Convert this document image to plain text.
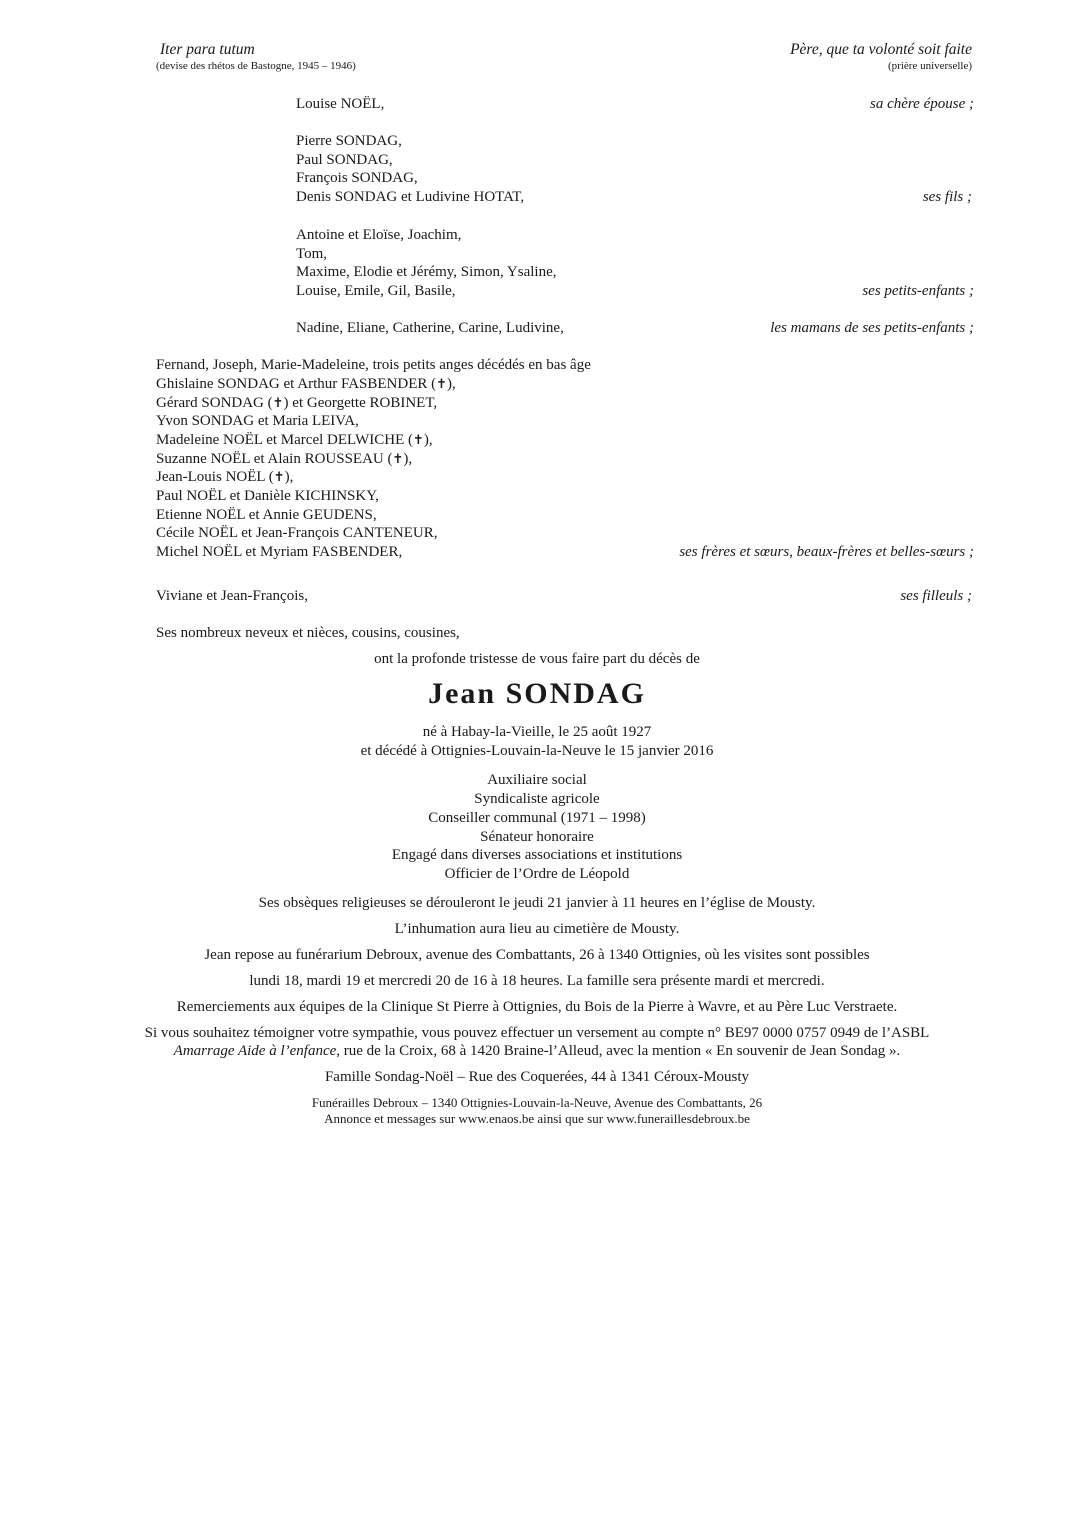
Iter para tutum
(devise des rhétos de Bastogne, 1945 – 1946)
Père, que ta volonté soit faite
(prière universelle)
Louise NOËL,	sa chère épouse ;
Pierre SONDAG,
Paul SONDAG,
François SONDAG,
Denis SONDAG et Ludivine HOTAT,	ses fils ;
Antoine et Eloïse, Joachim,
Tom,
Maxime, Elodie et Jérémy, Simon, Ysaline,
Louise, Emile, Gil, Basile,	ses petits-enfants ;
Nadine, Eliane, Catherine, Carine, Ludivine,	les mamans de ses petits-enfants ;
Fernand, Joseph, Marie-Madeleine, trois petits anges décédés en bas âge
Ghislaine SONDAG et Arthur FASBENDER (✝),
Gérard SONDAG (✝) et Georgette ROBINET,
Yvon SONDAG et Maria LEIVA,
Madeleine NOËL et Marcel DELWICHE (✝),
Suzanne NOËL et Alain ROUSSEAU (✝),
Jean-Louis NOËL (✝),
Paul NOËL et Danièle KICHINSKY,
Etienne NOËL et Annie GEUDENS,
Cécile NOËL et Jean-François CANTENEUR,
Michel NOËL et Myriam FASBENDER,	ses frères et sœurs, beaux-frères et belles-sœurs ;
Viviane et Jean-François,	ses filleuls ;
Ses nombreux neveux et nièces, cousins, cousines,
ont la profonde tristesse de vous faire part du décès de
Jean SONDAG
né à Habay-la-Vieille, le 25 août 1927
et décédé à Ottignies-Louvain-la-Neuve le 15 janvier 2016
Auxiliaire social
Syndicaliste agricole
Conseiller communal (1971 – 1998)
Sénateur honoraire
Engagé dans diverses associations et institutions
Officier de l’Ordre de Léopold
Ses obsèques religieuses se dérouleront le jeudi 21 janvier à 11 heures en l’église de Mousty.
L’inhumation aura lieu au cimetière de Mousty.
Jean repose au funérarium Debroux, avenue des Combattants, 26 à 1340 Ottignies, où les visites sont possibles
lundi 18, mardi 19 et mercredi 20 de 16 à 18 heures. La famille sera présente mardi et mercredi.
Remerciements aux équipes de la Clinique St Pierre à Ottignies, du Bois de la Pierre à Wavre, et au Père Luc Verstraete.
Si vous souhaitez témoigner votre sympathie, vous pouvez effectuer un versement au compte n° BE97 0000 0757 0949 de l’ASBL
Amarrage Aide à l’enfance, rue de la Croix, 68 à 1420 Braine-l’Alleud, avec la mention « En souvenir de Jean Sondag ».
Famille Sondag-Noël – Rue des Coquerées, 44 à 1341 Céroux-Mousty
Funérailles Debroux – 1340 Ottignies-Louvain-la-Neuve, Avenue des Combattants, 26
Annonce et messages sur www.enaos.be ainsi que sur www.funeraillesdebroux.be
